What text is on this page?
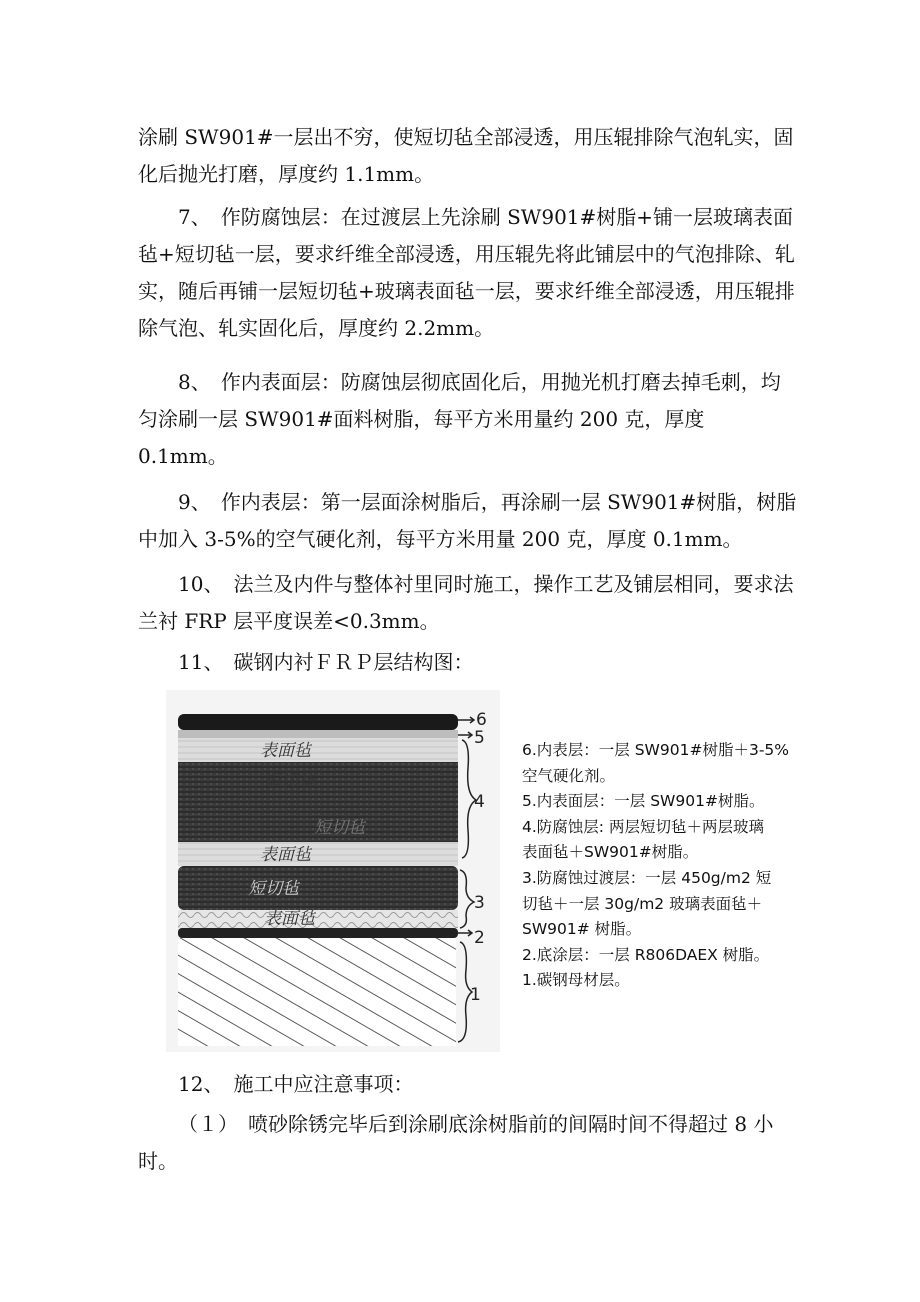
涂刷 SW901#一层出不穷，使短切毡全部浸透，用压辊排除气泡轧实，固化后抛光打磨，厚度约 1.1mm。

7、　作防腐蚀层：在过渡层上先涂刷 SW901#树脂+铺一层玻璃表面毡+短切毡一层，要求纤维全部浸透，用压辊先将此铺层中的气泡排除、轧实，随后再铺一层短切毡+玻璃表面毡一层，要求纤维全部浸透，用压辊排除气泡、轧实固化后，厚度约 2.2mm。

8、　作内表面层：防腐蚀层彻底固化后，用抛光机打磨去掉毛刺，均匀涂刷一层 SW901#面料树脂，每平方米用量约 200 克，厚度 0.1mm。

9、　作内表层：第一层面涂树脂后，再涂刷一层 SW901#树脂，树脂中加入 3-5%的空气硬化剂，每平方米用量 200 克，厚度 0.1mm。

10、　法兰及内件与整体衬里同时施工，操作工艺及铺层相同，要求法兰衬 FRP 层平度误差<0.3mm。

11、　碳钢内衬ＦＲＰ层结构图：

表面毡
短切毡
短切毡
表面毡
短切毡
表面毡
6
5
4
3
2
1
6.内表层：一层 SW901#树脂＋3-5%
空气硬化剂。
5.内表面层：一层 SW901#树脂。
4.防腐蚀层: 两层短切毡＋两层玻璃
表面毡＋SW901#树脂。
3.防腐蚀过渡层：一层 450g/m2 短
切毡＋一层 30g/m2 玻璃表面毡＋
SW901# 树脂。
2.底涂层：一层 R806DAEX 树脂。
1.碳钢母材层。

12、　施工中应注意事项：

（１）　喷砂除锈完毕后到涂刷底涂树脂前的间隔时间不得超过 8 小时。
